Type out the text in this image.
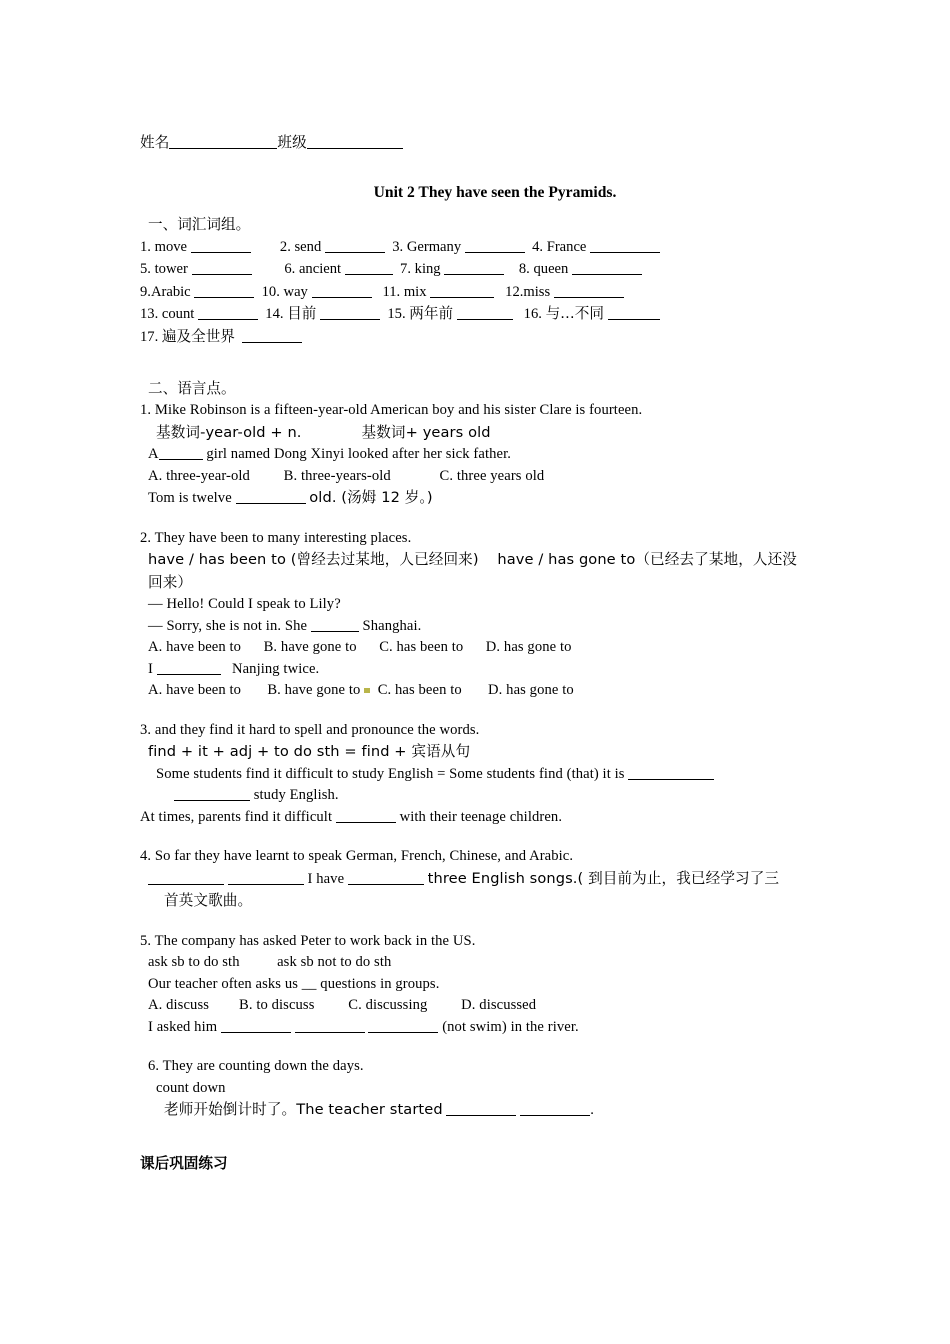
姓名	班级
Unit 2 They have seen the Pyramids.
一、词汇词组。
1. move	2. send	3. Germany	4. France
5. tower	6. ancient	7. king	8. queen
9.Arabic	10. way	11. mix	12.miss
13. count	14. 目前	15. 两年前	16. 与…不同
17. 遍及全世界
二、语言点。
1. Mike Robinson is a fifteen-year-old American boy and his sister Clare is fourteen.
基数词-year-old + n.	基数词+ years old
A	girl named Dong Xinyi looked after her sick father.
A. three-year-old B. three-years-old	C. three years old
Tom is twelve	old. (汤姆 12 岁。)
2. They have been to many interesting places.
have / has been to (曾经去过某地，人已经回来) have / has gone to（已经去了某地，人还没回来）
— Hello! Could I speak to Lily?
— Sorry, she is not in. She	Shanghai.
A. have been to B. have gone to C. has been to D. has gone to
I	Nanjing twice.
A. have been to B. have gone to C. has been to D. has gone to
3. and they find it hard to spell and pronounce the words.
find + it + adj + to do sth = find + 宾语从句
Some students find it difficult to study English = Some students find (that) it is
study English.
At times, parents find it difficult	with their teenage children.
4. So far they have learnt to speak German, French, Chinese, and Arabic.
I have	three English songs.( 到目前为止，我已经学习了三
首英文歌曲。
5. The company has asked Peter to work back in the US.
ask sb to do sth	ask sb not to do sth
Our teacher often asks us __ questions in groups.
A. discuss B. to discuss C. discussing D. discussed
I asked him	(not swim) in the river.
6. They are counting down the days.
count down
老师开始倒计时了。The teacher started	.
课后巩固练习
